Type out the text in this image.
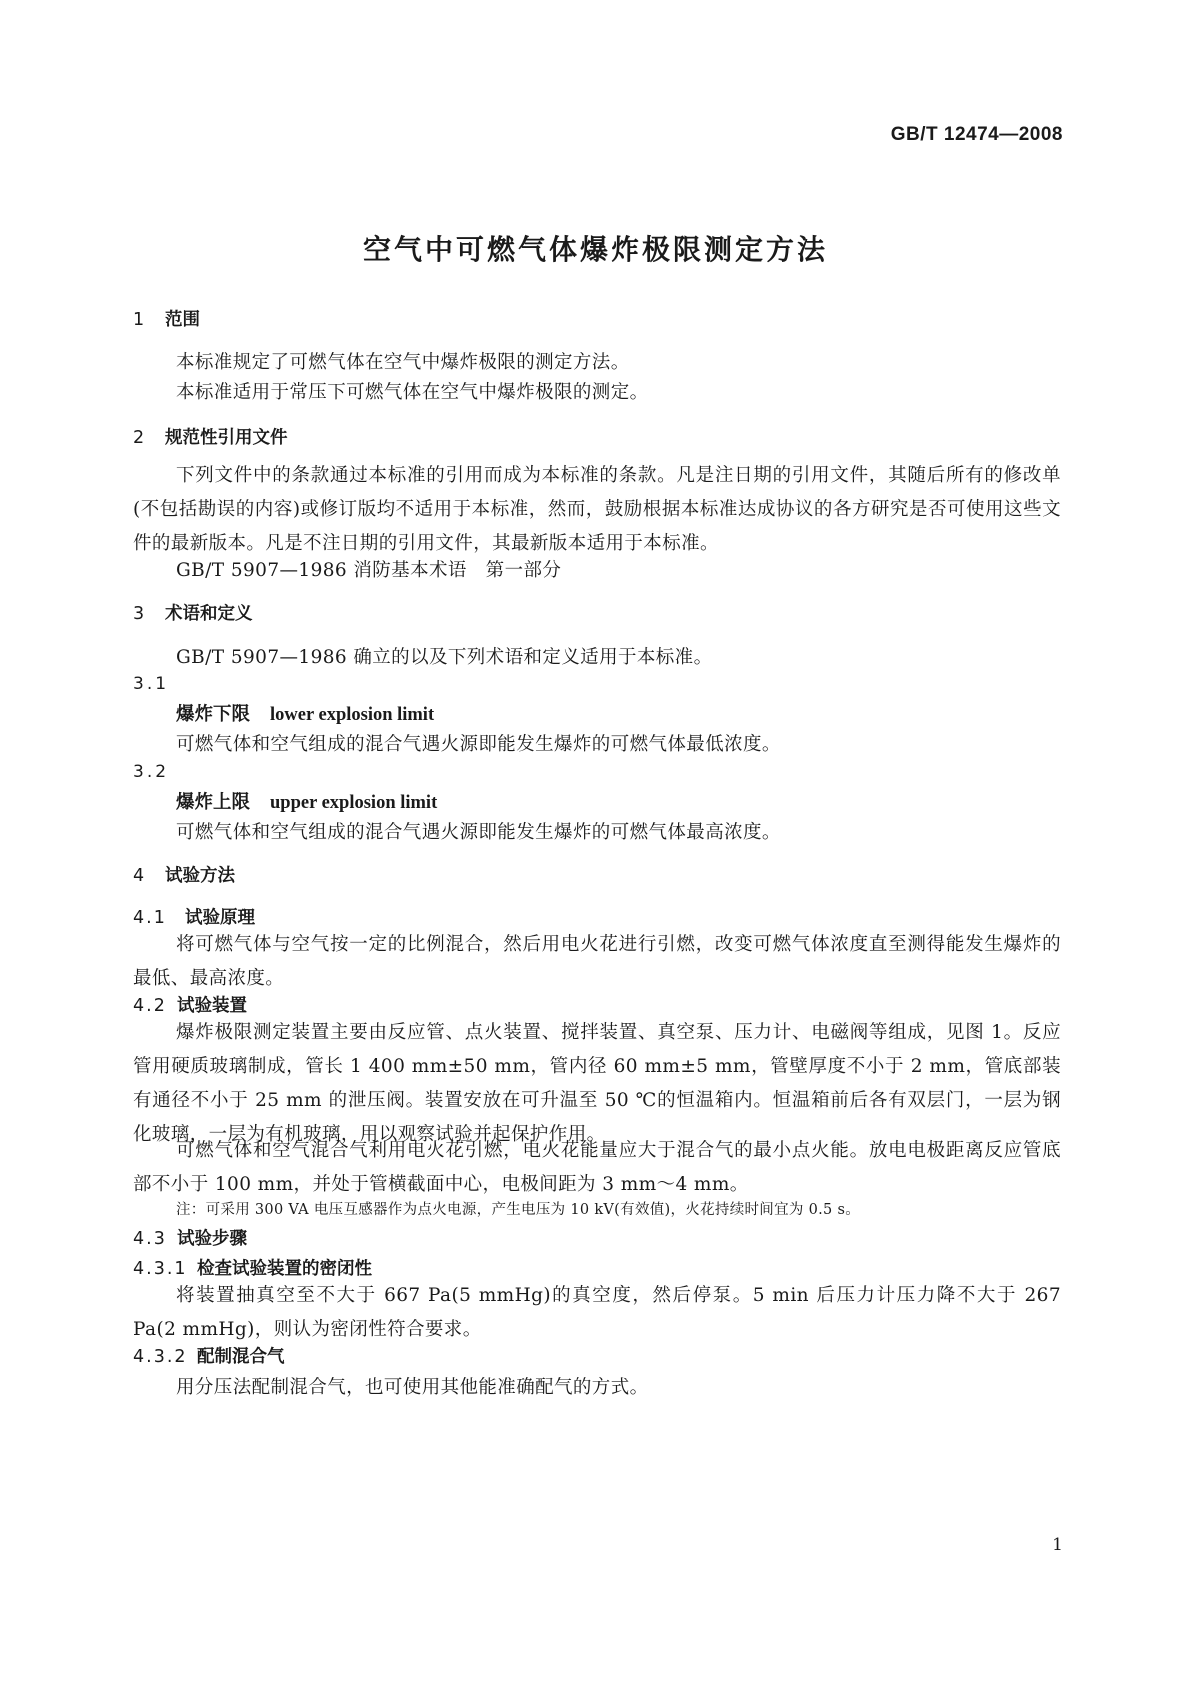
GB/T 12474—2008
空气中可燃气体爆炸极限测定方法
1 范围
本标准规定了可燃气体在空气中爆炸极限的测定方法。
本标准适用于常压下可燃气体在空气中爆炸极限的测定。
2 规范性引用文件

下列文件中的条款通过本标准的引用而成为本标准的条款。凡是注日期的引用文件，其随后所有的修改单(不包括勘误的内容)或修订版均不适用于本标准，然而，鼓励根据本标准达成协议的各方研究是否可使用这些文件的最新版本。凡是不注日期的引用文件，其最新版本适用于本标准。

GB/T 5907—1986 消防基本术语　第一部分
3 术语和定义
GB/T 5907—1986 确立的以及下列术语和定义适用于本标准。
3.1
爆炸下限 lower explosion limit
可燃气体和空气组成的混合气遇火源即能发生爆炸的可燃气体最低浓度。
3.2
爆炸上限 upper explosion limit
可燃气体和空气组成的混合气遇火源即能发生爆炸的可燃气体最高浓度。
4 试验方法
4.1 试验原理

将可燃气体与空气按一定的比例混合，然后用电火花进行引燃，改变可燃气体浓度直至测得能发生爆炸的最低、最高浓度。

4.2 试验装置

爆炸极限测定装置主要由反应管、点火装置、搅拌装置、真空泵、压力计、电磁阀等组成，见图 1。反应管用硬质玻璃制成，管长 1 400 mm±50 mm，管内径 60 mm±5 mm，管壁厚度不小于 2 mm，管底部装有通径不小于 25 mm 的泄压阀。装置安放在可升温至 50 ℃的恒温箱内。恒温箱前后各有双层门，一层为钢化玻璃，一层为有机玻璃，用以观察试验并起保护作用。

可燃气体和空气混合气利用电火花引燃，电火花能量应大于混合气的最小点火能。放电电极距离反应管底部不小于 100 mm，并处于管横截面中心，电极间距为 3 mm～4 mm。

注：可采用 300 VA 电压互感器作为点火电源，产生电压为 10 kV(有效值)，火花持续时间宜为 0.5 s。
4.3 试验步骤
4.3.1 检查试验装置的密闭性

将装置抽真空至不大于 667 Pa(5 mmHg)的真空度，然后停泵。5 min 后压力计压力降不大于 267 Pa(2 mmHg)，则认为密闭性符合要求。

4.3.2 配制混合气
用分压法配制混合气，也可使用其他能准确配气的方式。
1
